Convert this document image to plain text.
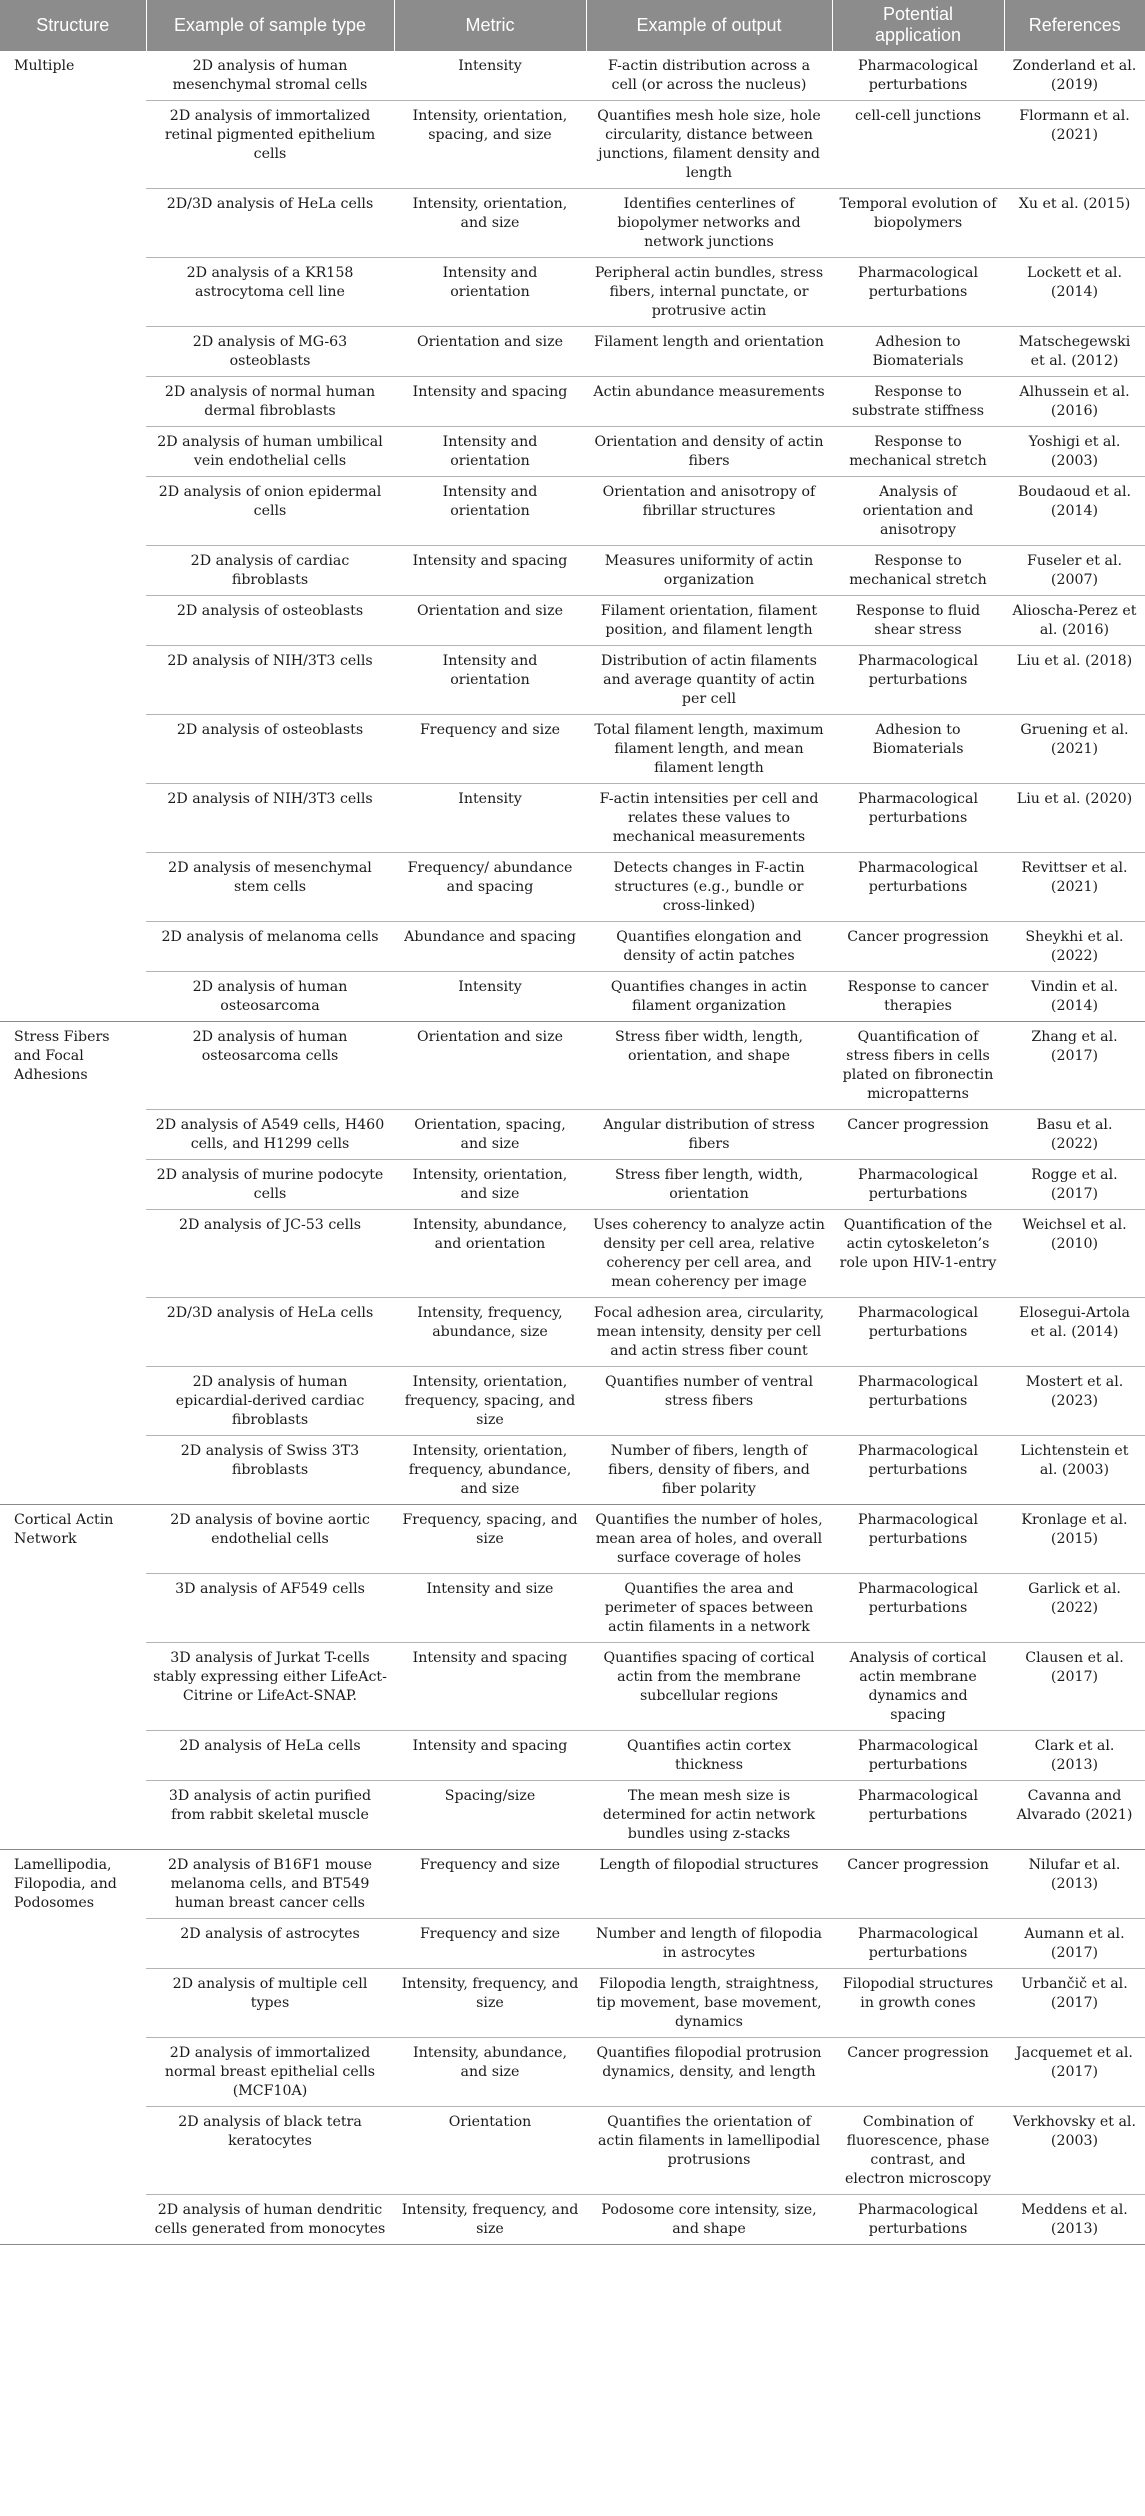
Structure	Example of sample type	Metric	Example of output	Potential application	References
Multiple	2D analysis of human mesenchymal stromal cells	Intensity	F-actin distribution across a cell (or across the nucleus)	Pharmacological perturbations	Zonderland et al. (2019)
	2D analysis of immortalized retinal pigmented epithelium cells	Intensity, orientation, spacing, and size	Quantifies mesh hole size, hole circularity, distance between junctions, filament density and length	cell-cell junctions	Flormann et al. (2021)
	2D/3D analysis of HeLa cells	Intensity, orientation, and size	Identifies centerlines of biopolymer networks and network junctions	Temporal evolution of biopolymers	Xu et al. (2015)
	2D analysis of a KR158 astrocytoma cell line	Intensity and orientation	Peripheral actin bundles, stress fibers, internal punctate, or protrusive actin	Pharmacological perturbations	Lockett et al. (2014)
	2D analysis of MG-63 osteoblasts	Orientation and size	Filament length and orientation	Adhesion to Biomaterials	Matschegewski et al. (2012)
	2D analysis of normal human dermal fibroblasts	Intensity and spacing	Actin abundance measurements	Response to substrate stiffness	Alhussein et al. (2016)
	2D analysis of human umbilical vein endothelial cells	Intensity and orientation	Orientation and density of actin fibers	Response to mechanical stretch	Yoshigi et al. (2003)
	2D analysis of onion epidermal cells	Intensity and orientation	Orientation and anisotropy of fibrillar structures	Analysis of orientation and anisotropy	Boudaoud et al. (2014)
	2D analysis of cardiac fibroblasts	Intensity and spacing	Measures uniformity of actin organization	Response to mechanical stretch	Fuseler et al. (2007)
	2D analysis of osteoblasts	Orientation and size	Filament orientation, filament position, and filament length	Response to fluid shear stress	Alioscha-Perez et al. (2016)
	2D analysis of NIH/3T3 cells	Intensity and orientation	Distribution of actin filaments and average quantity of actin per cell	Pharmacological perturbations	Liu et al. (2018)
	2D analysis of osteoblasts	Frequency and size	Total filament length, maximum filament length, and mean filament length	Adhesion to Biomaterials	Gruening et al. (2021)
	2D analysis of NIH/3T3 cells	Intensity	F-actin intensities per cell and relates these values to mechanical measurements	Pharmacological perturbations	Liu et al. (2020)
	2D analysis of mesenchymal stem cells	Frequency/ abundance and spacing	Detects changes in F-actin structures (e.g., bundle or cross-linked)	Pharmacological perturbations	Revittser et al. (2021)
	2D analysis of melanoma cells	Abundance and spacing	Quantifies elongation and density of actin patches	Cancer progression	Sheykhi et al. (2022)
	2D analysis of human osteosarcoma	Intensity	Quantifies changes in actin filament organization	Response to cancer therapies	Vindin et al. (2014)
Stress Fibers and Focal Adhesions	2D analysis of human osteosarcoma cells	Orientation and size	Stress fiber width, length, orientation, and shape	Quantification of stress fibers in cells plated on fibronectin micropatterns	Zhang et al. (2017)
	2D analysis of A549 cells, H460 cells, and H1299 cells	Orientation, spacing, and size	Angular distribution of stress fibers	Cancer progression	Basu et al. (2022)
	2D analysis of murine podocyte cells	Intensity, orientation, and size	Stress fiber length, width, orientation	Pharmacological perturbations	Rogge et al. (2017)
	2D analysis of JC-53 cells	Intensity, abundance, and orientation	Uses coherency to analyze actin density per cell area, relative coherency per cell area, and mean coherency per image	Quantification of the actin cytoskeleton’s role upon HIV-1-entry	Weichsel et al. (2010)
	2D/3D analysis of HeLa cells	Intensity, frequency, abundance, size	Focal adhesion area, circularity, mean intensity, density per cell and actin stress fiber count	Pharmacological perturbations	Elosegui-Artola et al. (2014)
	2D analysis of human epicardial-derived cardiac fibroblasts	Intensity, orientation, frequency, spacing, and size	Quantifies number of ventral stress fibers	Pharmacological perturbations	Mostert et al. (2023)
	2D analysis of Swiss 3T3 fibroblasts	Intensity, orientation, frequency, abundance, and size	Number of fibers, length of fibers, density of fibers, and fiber polarity	Pharmacological perturbations	Lichtenstein et al. (2003)
Cortical Actin Network	2D analysis of bovine aortic endothelial cells	Frequency, spacing, and size	Quantifies the number of holes, mean area of holes, and overall surface coverage of holes	Pharmacological perturbations	Kronlage et al. (2015)
	3D analysis of AF549 cells	Intensity and size	Quantifies the area and perimeter of spaces between actin filaments in a network	Pharmacological perturbations	Garlick et al. (2022)
	3D analysis of Jurkat T-cells stably expressing either LifeAct-Citrine or LifeAct-SNAP.	Intensity and spacing	Quantifies spacing of cortical actin from the membrane subcellular regions	Analysis of cortical actin membrane dynamics and spacing	Clausen et al. (2017)
	2D analysis of HeLa cells	Intensity and spacing	Quantifies actin cortex thickness	Pharmacological perturbations	Clark et al. (2013)
	3D analysis of actin purified from rabbit skeletal muscle	Spacing/size	The mean mesh size is determined for actin network bundles using z-stacks	Pharmacological perturbations	Cavanna and Alvarado (2021)
Lamellipodia, Filopodia, and Podosomes	2D analysis of B16F1 mouse melanoma cells, and BT549 human breast cancer cells	Frequency and size	Length of filopodial structures	Cancer progression	Nilufar et al. (2013)
	2D analysis of astrocytes	Frequency and size	Number and length of filopodia in astrocytes	Pharmacological perturbations	Aumann et al. (2017)
	2D analysis of multiple cell types	Intensity, frequency, and size	Filopodia length, straightness, tip movement, base movement, dynamics	Filopodial structures in growth cones	Urbančič et al. (2017)
	2D analysis of immortalized normal breast epithelial cells (MCF10A)	Intensity, abundance, and size	Quantifies filopodial protrusion dynamics, density, and length	Cancer progression	Jacquemet et al. (2017)
	2D analysis of black tetra keratocytes	Orientation	Quantifies the orientation of actin filaments in lamellipodial protrusions	Combination of fluorescence, phase contrast, and electron microscopy	Verkhovsky et al. (2003)
	2D analysis of human dendritic cells generated from monocytes	Intensity, frequency, and size	Podosome core intensity, size, and shape	Pharmacological perturbations	Meddens et al. (2013)
